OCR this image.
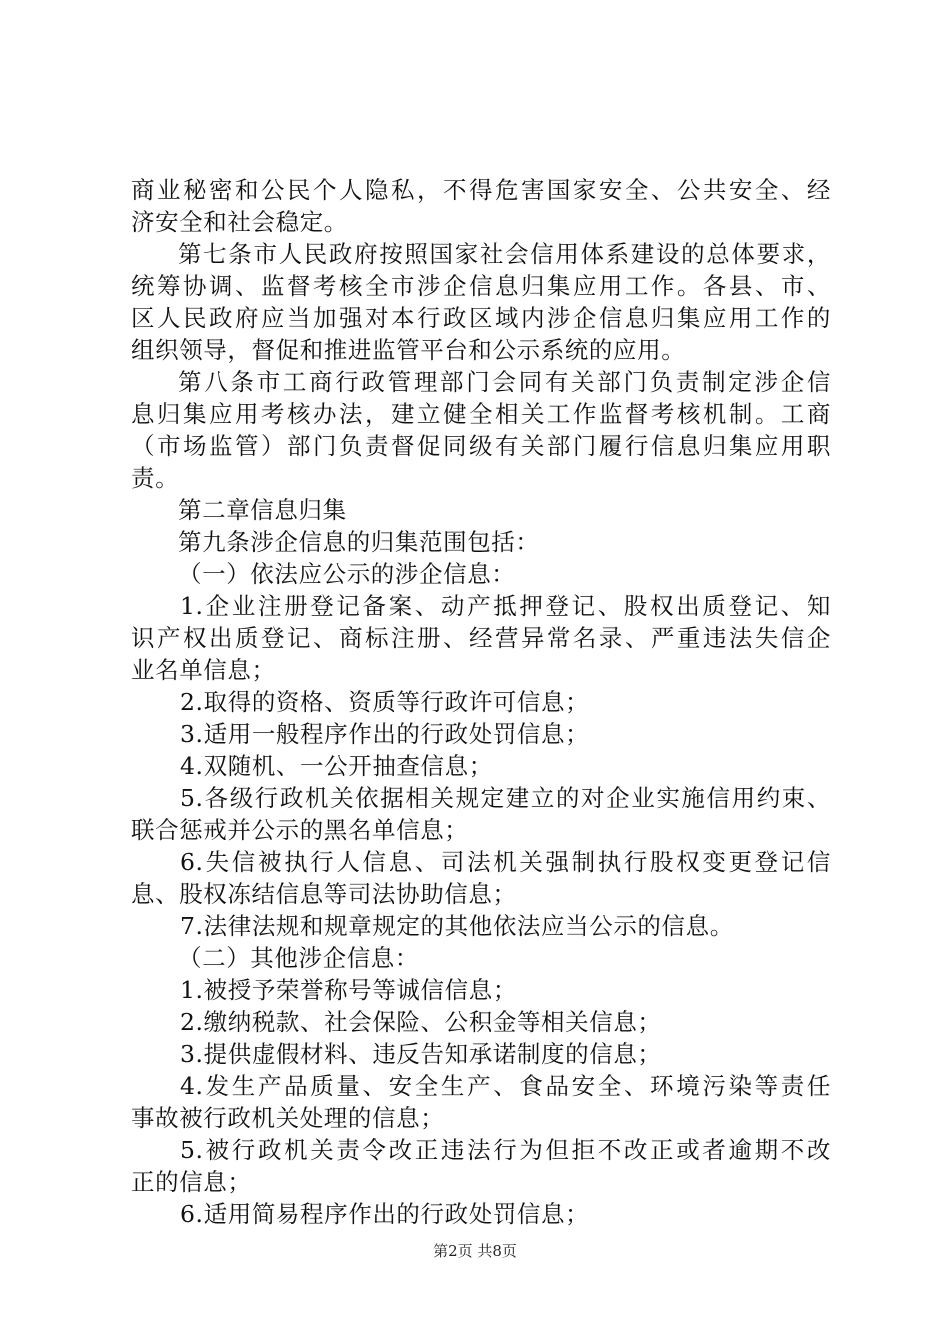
商业秘密和公民个人隐私，不得危害国家安全、公共安全、经
济安全和社会稳定。
第七条市人民政府按照国家社会信用体系建设的总体要求，
统筹协调、监督考核全市涉企信息归集应用工作。各县、市、
区人民政府应当加强对本行政区域内涉企信息归集应用工作的
组织领导，督促和推进监管平台和公示系统的应用。
第八条市工商行政管理部门会同有关部门负责制定涉企信
息归集应用考核办法，建立健全相关工作监督考核机制。工商
（市场监管）部门负责督促同级有关部门履行信息归集应用职
责。
第二章信息归集
第九条涉企信息的归集范围包括：
（一）依法应公示的涉企信息：
1.企业注册登记备案、动产抵押登记、股权出质登记、知
识产权出质登记、商标注册、经营异常名录、严重违法失信企
业名单信息；
2.取得的资格、资质等行政许可信息；
3.适用一般程序作出的行政处罚信息；
4.双随机、一公开抽查信息；
5.各级行政机关依据相关规定建立的对企业实施信用约束、
联合惩戒并公示的黑名单信息；
6.失信被执行人信息、司法机关强制执行股权变更登记信
息、股权冻结信息等司法协助信息；
7.法律法规和规章规定的其他依法应当公示的信息。
（二）其他涉企信息：
1.被授予荣誉称号等诚信信息；
2.缴纳税款、社会保险、公积金等相关信息；
3.提供虚假材料、违反告知承诺制度的信息；
4.发生产品质量、安全生产、食品安全、环境污染等责任
事故被行政机关处理的信息；
5.被行政机关责令改正违法行为但拒不改正或者逾期不改
正的信息；
6.适用简易程序作出的行政处罚信息；
第2页 共8页
